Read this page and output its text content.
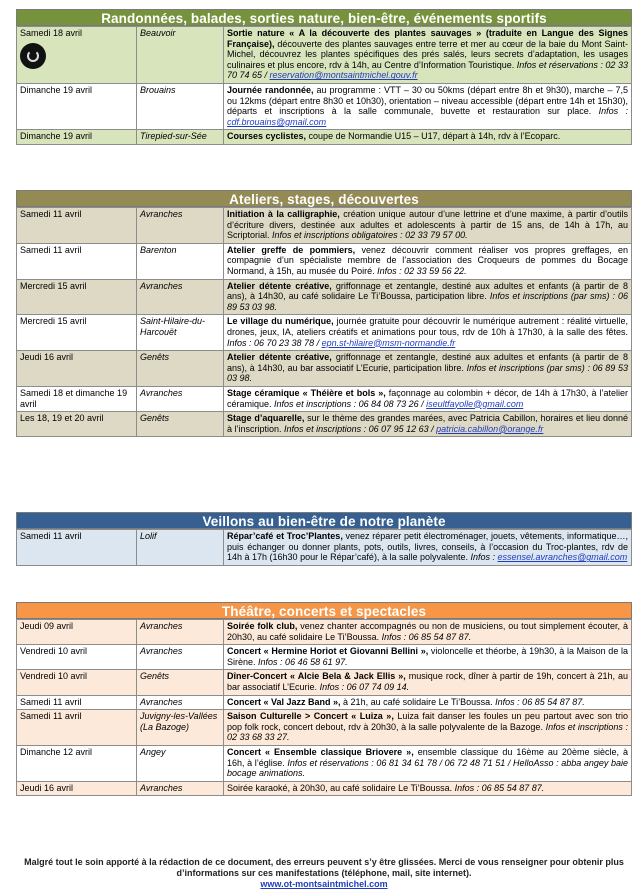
Randonnées, balades, sorties nature, bien-être, événements sportifs
Samedi 18 avril	Beauvoir	Sortie nature « A la découverte des plantes sauvages » (traduite en Langue des Signes Française), découverte des plantes sauvages entre terre et mer au cœur de la baie du Mont Saint-Michel, découvrez les plantes spécifiques des prés salés, leurs secrets d’adaptation, les usages culinaires et plus encore, rdv à 14h, au Centre d’Information Touristique. Infos et réservations : 02 33 70 74 65 / reservation@montsaintmichel.gouv.fr
Dimanche 19 avril	Brouains	Journée randonnée, au programme : VTT – 30 ou 50kms (départ entre 8h et 9h30), marche – 7,5 ou 12kms (départ entre 8h30 et 10h30), orientation – niveau accessible (départ entre 14h et 15h30), départs et inscriptions à la salle communale, buvette et restauration sur place. Infos : cdf.brouains@gmail.com
Dimanche 19 avril	Tirepied-sur-Sée	Courses cyclistes, coupe de Normandie U15 – U17, départ à 14h, rdv à l’Ecoparc.
Ateliers, stages, découvertes
Samedi 11 avril	Avranches	Initiation à la calligraphie, création unique autour d’une lettrine et d’une maxime, à partir d’outils d’écriture divers, destinée aux adultes et adolescents à partir de 15 ans, de 14h à 17h, au Scriptorial. Infos et inscriptions obligatoires : 02 33 79 57 00.
Samedi 11 avril	Barenton	Atelier greffe de pommiers, venez découvrir comment réaliser vos propres greffages, en compagnie d’un spécialiste membre de l’association des Croqueurs de pommes du Bocage Normand, à 15h, au musée du Poiré. Infos : 02 33 59 56 22.
Mercredi 15 avril	Avranches	Atelier détente créative, griffonnage et zentangle, destiné aux adultes et enfants (à partir de 8 ans), à 14h30, au café solidaire Le Ti’Boussa, participation libre. Infos et inscriptions (par sms) : 06 89 53 03 98.
Mercredi 15 avril	Saint-Hilaire-du-Harcouët	Le village du numérique, journée gratuite pour découvrir le numérique autrement : réalité virtuelle, drones, jeux, IA, ateliers créatifs et animations pour tous, rdv de 10h à 17h30, à la salle des fêtes. Infos : 06 70 23 38 78 / epn.st-hilaire@msm-normandie.fr
Jeudi 16 avril	Genêts	Atelier détente créative, griffonnage et zentangle, destiné aux adultes et enfants (à partir de 8 ans), à 14h30, au bar associatif L’Ecurie, participation libre. Infos et inscriptions (par sms) : 06 89 53 03 98.
Samedi 18 et dimanche 19 avril	Avranches	Stage céramique « Théière et bols », façonnage au colombin + décor, de 14h à 17h30, à l’atelier céramique. Infos et inscriptions : 06 84 08 73 26 / iseultfayolle@gmail.com
Les 18, 19 et 20 avril	Genêts	Stage d’aquarelle, sur le thème des grandes marées, avec Patricia Cabillon, horaires et lieu donné à l’inscription. Infos et inscriptions : 06 07 95 12 63 / patricia.cabillon@orange.fr
Veillons au bien-être de notre planète
Samedi 11 avril	Lolif	Répar’café et Troc’Plantes, venez réparer petit électroménager, jouets, vêtements, informatique…, puis échanger ou donner plants, pots, outils, livres, conseils, à l’occasion du Troc-plantes, rdv de 14h à 17h (16h30 pour le Répar’café), à la salle polyvalente. Infos : essensel.avranches@gmail.com
Théâtre, concerts et spectacles
Jeudi 09 avril	Avranches	Soirée folk club, venez chanter accompagnés ou non de musiciens, ou tout simplement écouter, à 20h30, au café solidaire Le Ti’Boussa. Infos : 06 85 54 87 87.
Vendredi 10 avril	Avranches	Concert « Hermine Horiot et Giovanni Bellini », violoncelle et théorbe, à 19h30, à la Maison de la Sirène. Infos : 06 46 58 61 97.
Vendredi 10 avril	Genêts	Dîner-Concert « Alcie Bela & Jack Ellis », musique rock, dîner à partir de 19h, concert à 21h, au bar associatif L’Ecurie. Infos : 06 07 74 09 14.
Samedi 11 avril	Avranches	Concert « Val Jazz Band », à 21h, au café solidaire Le Ti’Boussa. Infos : 06 85 54 87 87.
Samedi 11 avril	Juvigny-les-Vallées (La Bazoge)	Saison Culturelle > Concert « Luiza », Luiza fait danser les foules un peu partout avec son trio pop folk rock, concert debout, rdv à 20h30, à la salle polyvalente de la Bazoge. Infos et inscriptions : 02 33 68 33 27.
Dimanche 12 avril	Angey	Concert « Ensemble classique Briovere », ensemble classique du 16ème au 20ème siècle, à 16h, à l’église. Infos et réservations : 06 81 34 61 78 / 06 72 48 71 51 / HelloAsso : abba angey baie bocage animations.
Jeudi 16 avril	Avranches	Soirée karaoké, à 20h30, au café solidaire Le Ti’Boussa. Infos : 06 85 54 87 87.
Malgré tout le soin apporté à la rédaction de ce document, des erreurs peuvent s’y être glissées. Merci de vous renseigner pour obtenir plus d’informations sur ces manifestations (téléphone, mail, site internet).
www.ot-montsaintmichel.com
